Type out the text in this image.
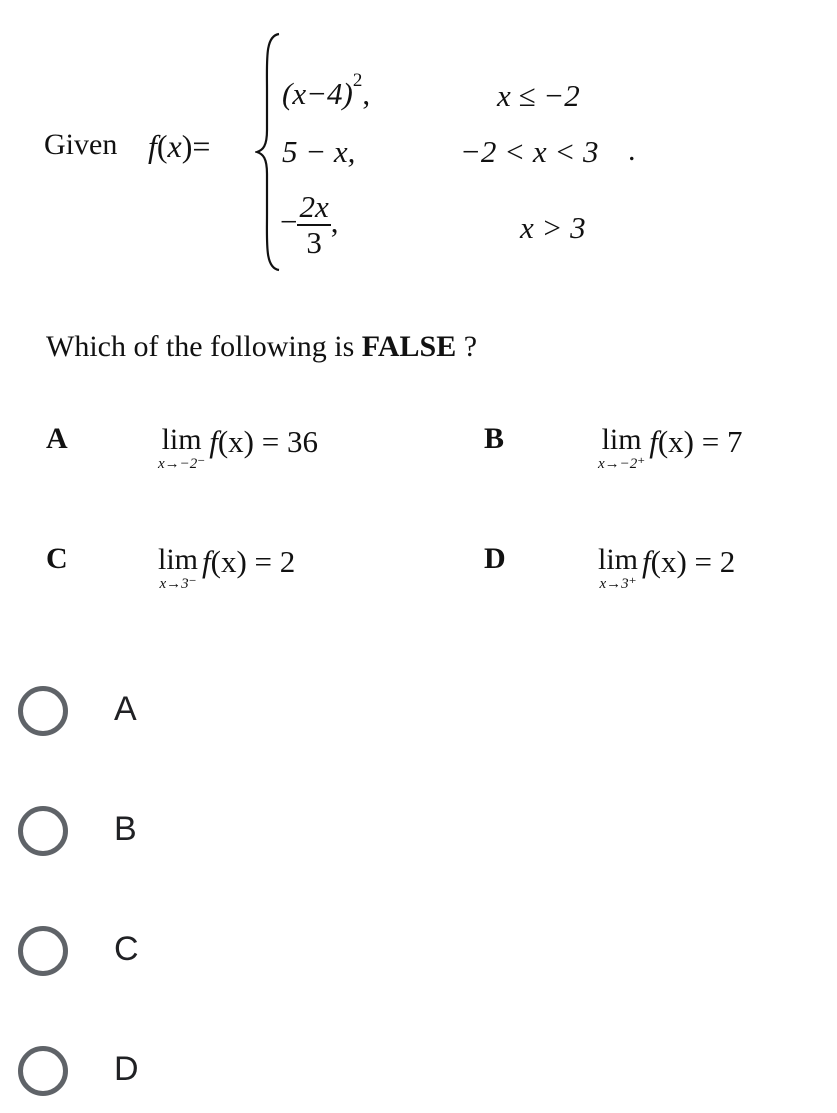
Given f(x)=
$(x-4)^2$,	x ≤ −2
5 − x,	−2 < x < 3
− $\frac{2x}{3}$ ,	x > 3
.
Which of the following is FALSE ?
A	lim
x→−2⁻
f(x) = 36	B	lim
x→−2⁺
f(x) = 7
C	lim
x→3⁻
f(x) = 2	D	lim
x→3⁺
f(x) = 2
A
B
C
D
